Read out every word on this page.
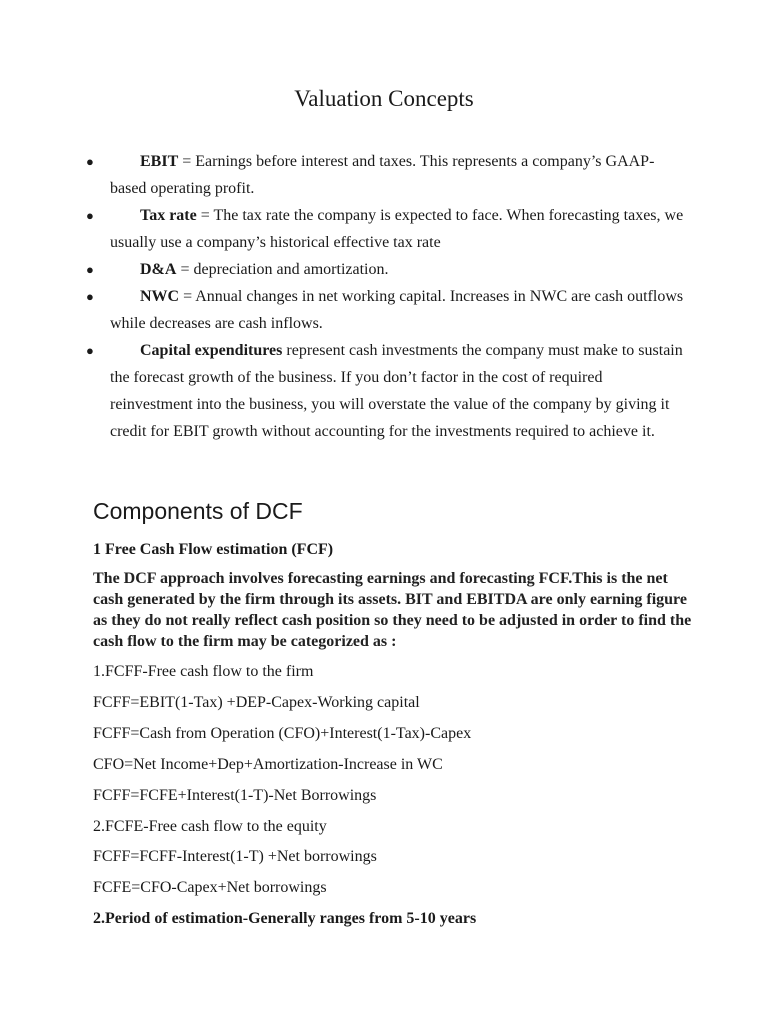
Valuation Concepts
●	EBIT = Earnings before interest and taxes. This represents a company’s GAAP-based operating profit.
●	Tax rate = The tax rate the company is expected to face. When forecasting taxes, we usually use a company’s historical effective tax rate
●	D&A = depreciation and amortization.
●	NWC = Annual changes in net working capital. Increases in NWC are cash outflows while decreases are cash inflows.
●	Capital expenditures represent cash investments the company must make to sustain the forecast growth of the business. If you don’t factor in the cost of required reinvestment into the business, you will overstate the value of the company by giving it credit for EBIT growth without accounting for the investments required to achieve it.
Components of DCF

1 Free Cash Flow estimation (FCF)

The DCF approach involves forecasting earnings and forecasting FCF.This is the net cash generated by the firm through its assets. BIT and EBITDA are only earning figure as they do not really reflect cash position so they need to be adjusted in order to find the cash flow to the firm may be categorized as :

1.FCFF-Free cash flow to the firm
FCFF=EBIT(1-Tax) +DEP-Capex-Working capital
FCFF=Cash from Operation (CFO)+Interest(1-Tax)-Capex
CFO=Net Income+Dep+Amortization-Increase in WC
FCFF=FCFE+Interest(1-T)-Net Borrowings
2.FCFE-Free cash flow to the equity
FCFF=FCFF-Interest(1-T) +Net borrowings
FCFE=CFO-Capex+Net borrowings
2.Period of estimation-Generally ranges from 5-10 years
